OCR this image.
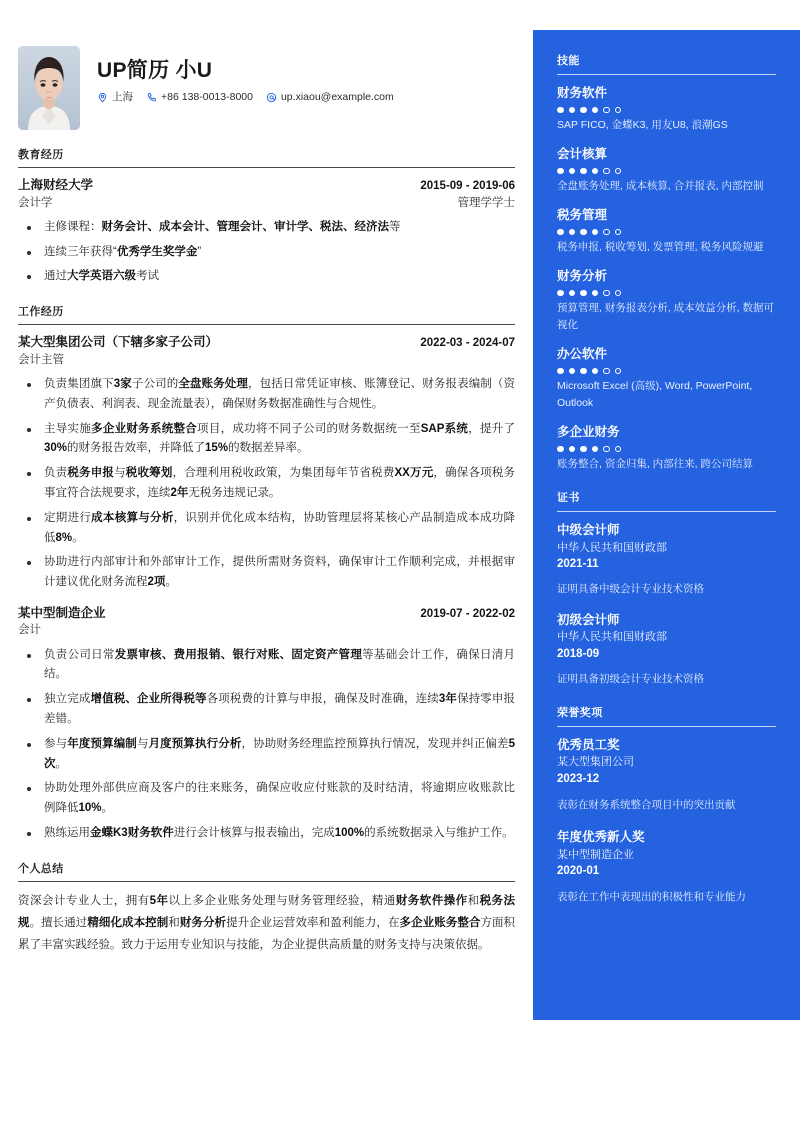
UP简历 小U
上海	+86 138-0013-8000	up.xiaou@example.com
教育经历
上海财经大学	2015-09 - 2019-06
会计学	管理学学士
主修课程：财务会计、成本会计、管理会计、审计学、税法、经济法等
连续三年获得“优秀学生奖学金”
通过大学英语六级考试
工作经历
某大型集团公司（下辖多家子公司）	2022-03 - 2024-07
会计主管
负责集团旗下3家子公司的全盘账务处理，包括日常凭证审核、账簿登记、财务报表编制（资产负债表、利润表、现金流量表），确保财务数据准确性与合规性。
主导实施多企业财务系统整合项目，成功将不同子公司的财务数据统一至SAP系统，提升了30%的财务报告效率，并降低了15%的数据差异率。
负责税务申报与税收筹划，合理利用税收政策，为集团每年节省税费XX万元，确保各项税务事宜符合法规要求，连续2年无税务违规记录。
定期进行成本核算与分析，识别并优化成本结构，协助管理层将某核心产品制造成本成功降低8%。
协助进行内部审计和外部审计工作，提供所需财务资料，确保审计工作顺利完成，并根据审计建议优化财务流程2项。
某中型制造企业	2019-07 - 2022-02
会计
负责公司日常发票审核、费用报销、银行对账、固定资产管理等基础会计工作，确保日清月结。
独立完成增值税、企业所得税等各项税费的计算与申报，确保及时准确，连续3年保持零申报差错。
参与年度预算编制与月度预算执行分析，协助财务经理监控预算执行情况，发现并纠正偏差5次。
协助处理外部供应商及客户的往来账务，确保应收应付账款的及时结清，将逾期应收账款比例降低10%。
熟练运用金蝶K3财务软件进行会计核算与报表输出，完成100%的系统数据录入与维护工作。
个人总结
资深会计专业人士，拥有5年以上多企业账务处理与财务管理经验，精通财务软件操作和税务法规。擅长通过精细化成本控制和财务分析提升企业运营效率和盈利能力，在多企业账务整合方面积累了丰富实践经验。致力于运用专业知识与技能，为企业提供高质量的财务支持与决策依据。
技能
财务软件
SAP FICO, 金蝶K3, 用友U8, 浪潮GS
会计核算
全盘账务处理, 成本核算, 合并报表, 内部控制
税务管理
税务申报, 税收筹划, 发票管理, 税务风险规避
财务分析
预算管理, 财务报表分析, 成本效益分析, 数据可视化
办公软件
Microsoft Excel (高级), Word, PowerPoint, Outlook
多企业财务
账务整合, 资金归集, 内部往来, 跨公司结算
证书
中级会计师
中华人民共和国财政部
2021-11
证明具备中级会计专业技术资格
初级会计师
中华人民共和国财政部
2018-09
证明具备初级会计专业技术资格
荣誉奖项
优秀员工奖
某大型集团公司
2023-12
表彰在财务系统整合项目中的突出贡献
年度优秀新人奖
某中型制造企业
2020-01
表彰在工作中表现出的积极性和专业能力
